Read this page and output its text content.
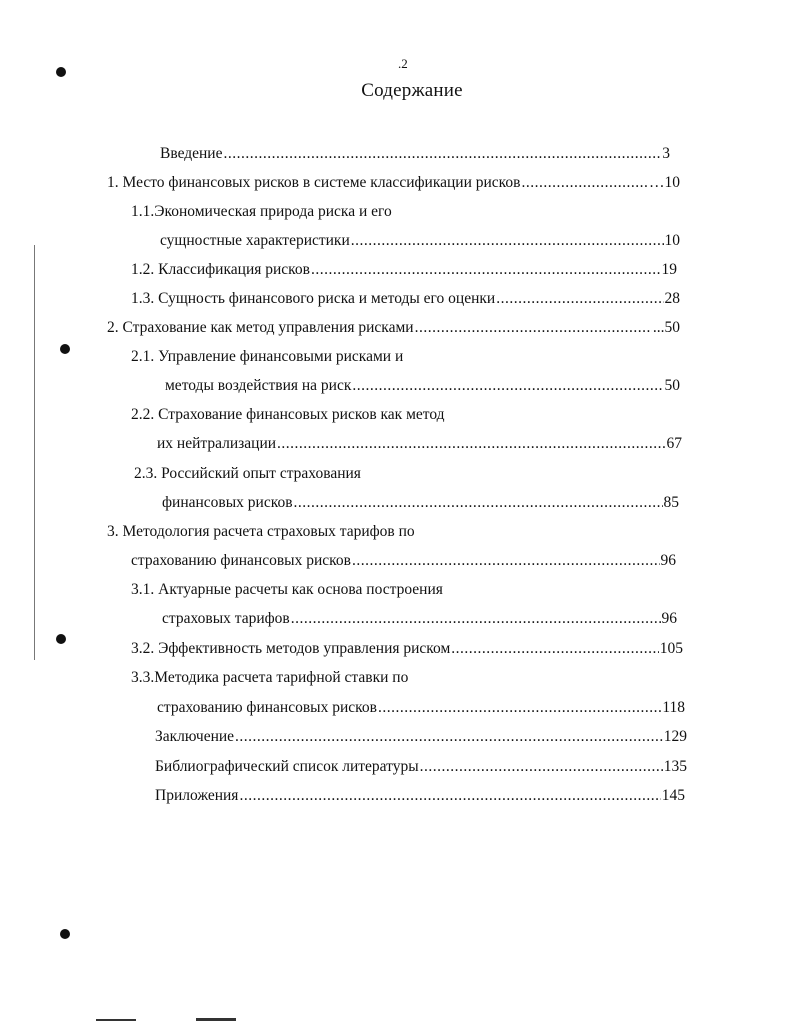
.2
Содержание
Введение .....	3
1. Место финансовых рисков в системе классификации рисков .....	…10
1.1.Экономическая природа риска и его
сущностные характеристики .....	10
1.2. Классификация рисков .....	19
1.3. Сущность финансового риска и методы его оценки .....	28
2. Страхование как метод управления рисками .....	...50
2.1. Управление финансовыми рисками и
методы воздействия на риск .....	50
2.2. Страхование финансовых рисков как метод
их нейтрализации .....	67
2.3. Российский опыт страхования
финансовых рисков .....	85
3. Методология расчета страховых тарифов по
страхованию финансовых рисков .....	96
3.1. Актуарные расчеты как основа построения
страховых тарифов .....	96
3.2. Эффективность методов управления риском .....	105
3.3.Методика расчета тарифной ставки по
страхованию финансовых рисков .....	118
Заключение .....	129
Библиографический список литературы .....	135
Приложения .....	145
